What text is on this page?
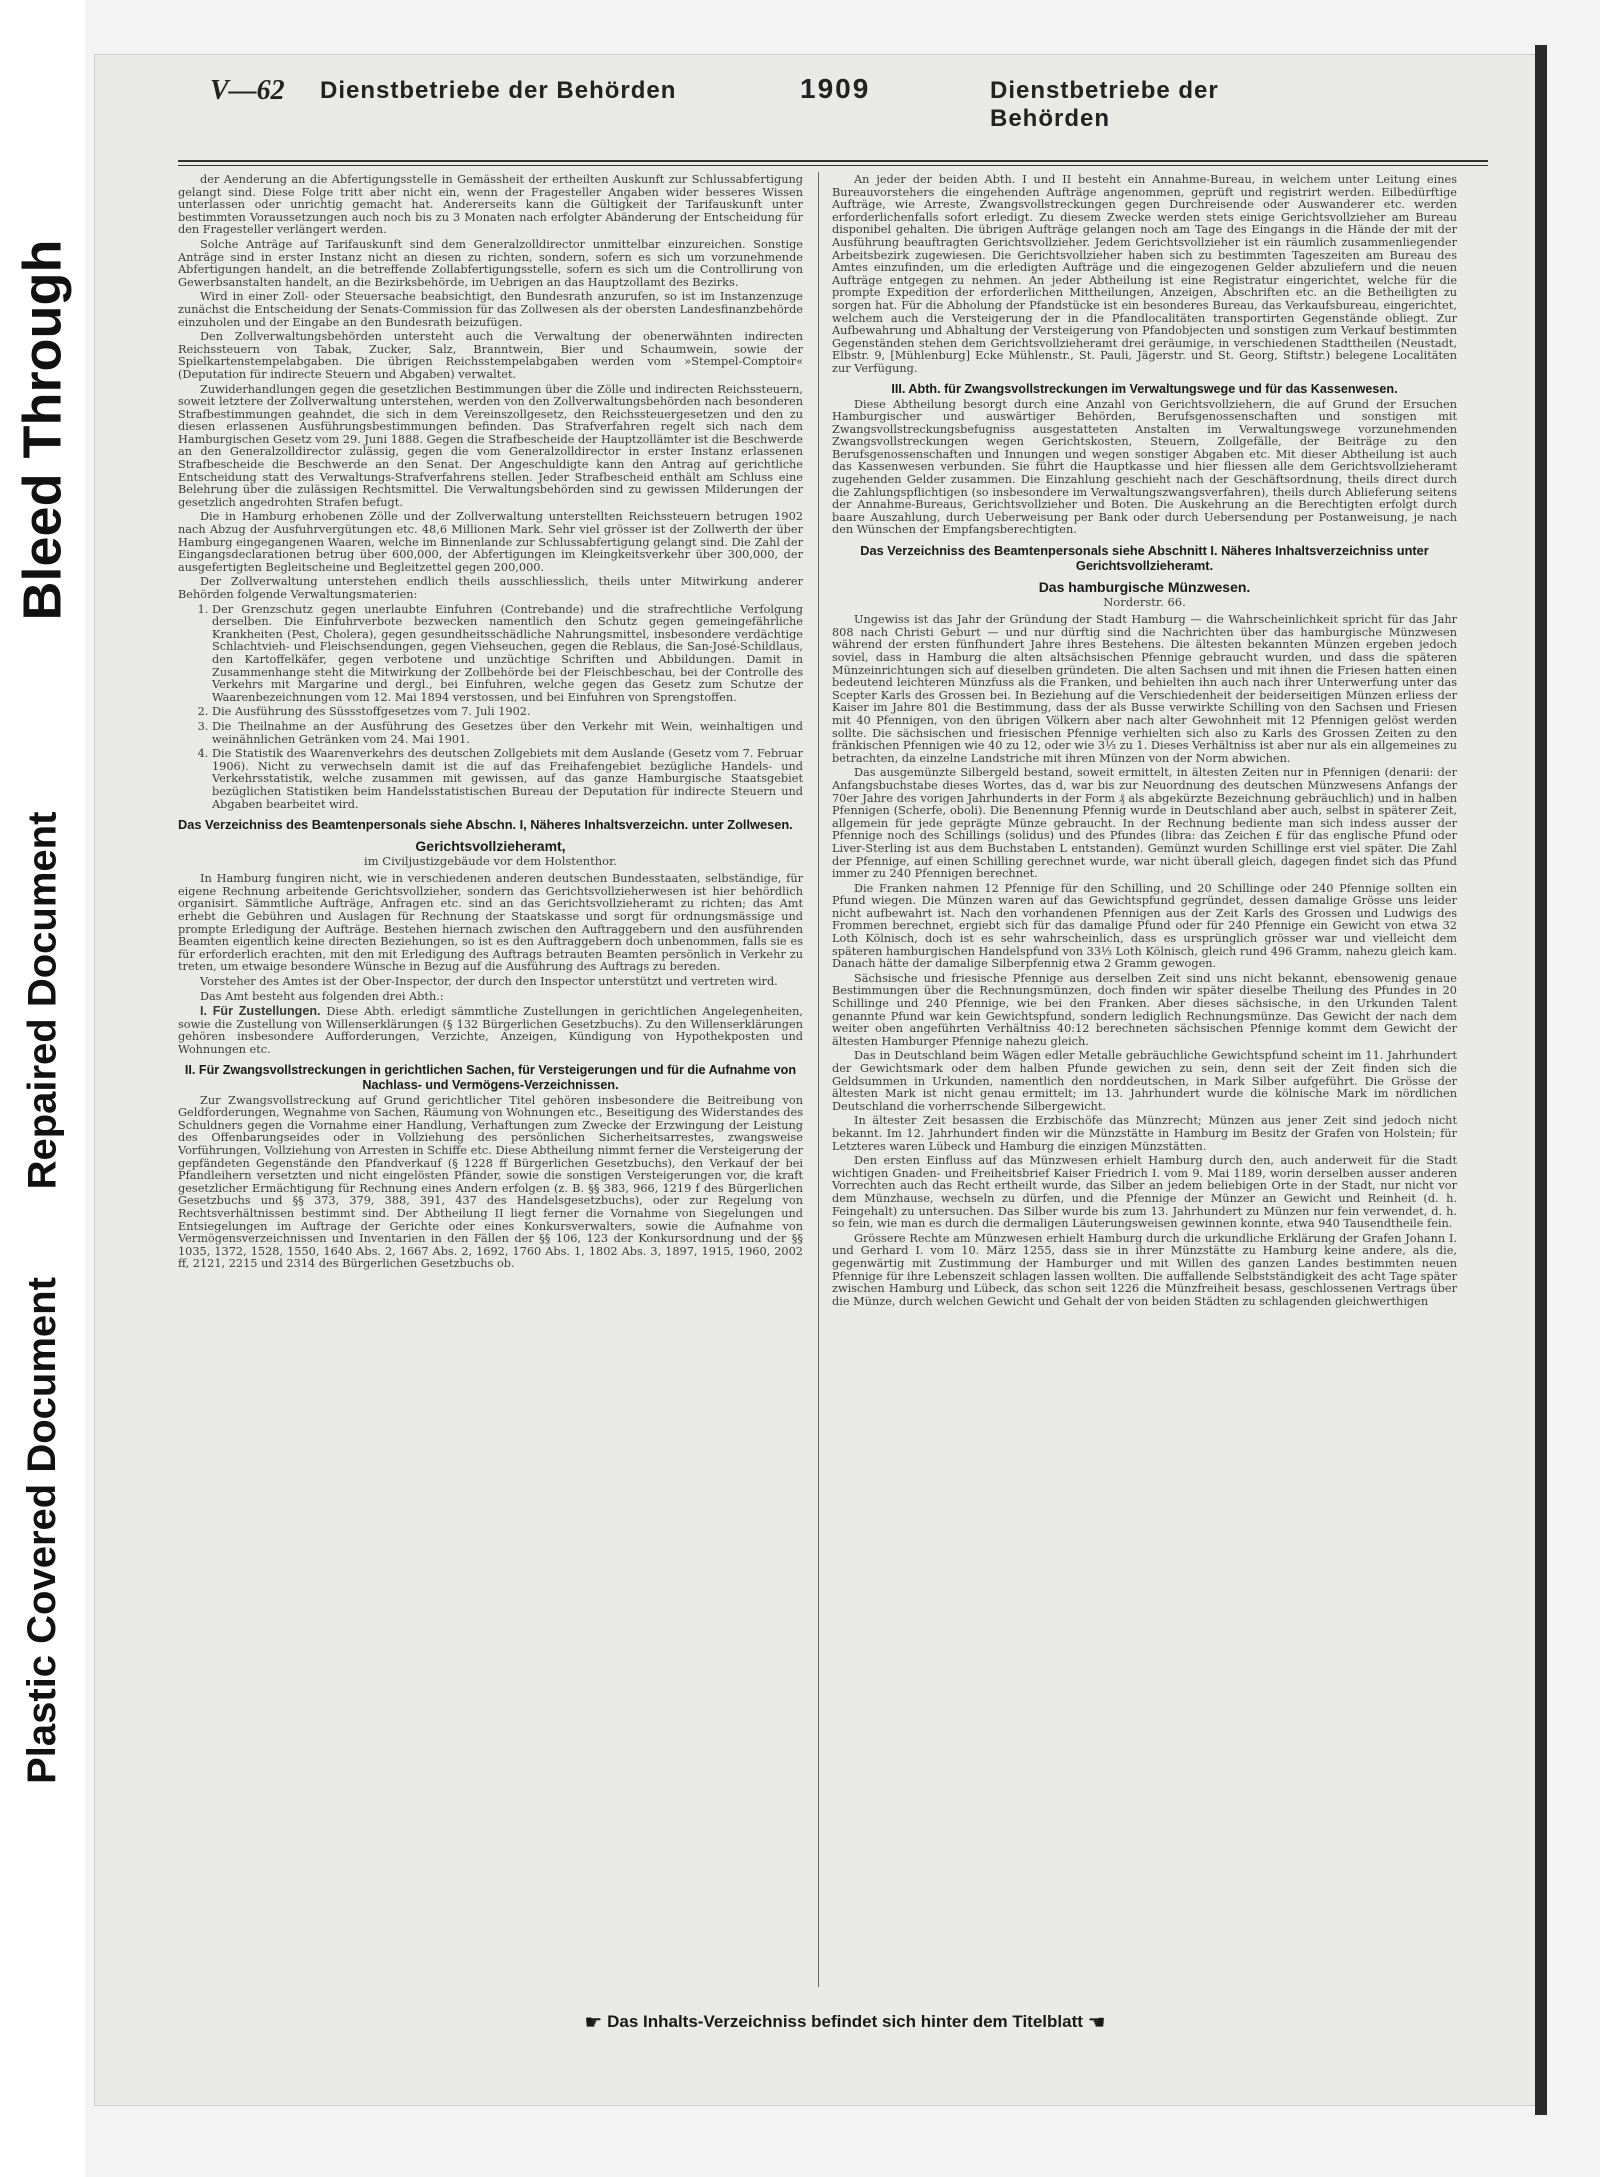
Bleed Through
Repaired Document
Plastic Covered Document
V—62 Dienstbetriebe der Behörden	1909	Dienstbetriebe der Behörden

der Aenderung an die Abfertigungsstelle in Gemässheit der ertheilten Auskunft zur Schlussabfertigung gelangt sind. Diese Folge tritt aber nicht ein, wenn der Fragesteller Angaben wider besseres Wissen unterlassen oder unrichtig gemacht hat. Andererseits kann die Gültigkeit der Tarifauskunft unter bestimmten Voraussetzungen auch noch bis zu 3 Monaten nach erfolgter Abänderung der Entscheidung für den Fragesteller verlängert werden.

Solche Anträge auf Tarifauskunft sind dem Generalzolldirector unmittelbar einzureichen. Sonstige Anträge sind in erster Instanz nicht an diesen zu richten, sondern, sofern es sich um vorzunehmende Abfertigungen handelt, an die betreffende Zollabfertigungsstelle, sofern es sich um die Controllirung von Gewerbsanstalten handelt, an die Bezirksbehörde, im Uebrigen an das Hauptzollamt des Bezirks.

Wird in einer Zoll- oder Steuersache beabsichtigt, den Bundesrath anzurufen, so ist im Instanzenzuge zunächst die Entscheidung der Senats-Commission für das Zollwesen als der obersten Landesfinanzbehörde einzuholen und der Eingabe an den Bundesrath beizufügen.

Den Zollverwaltungsbehörden untersteht auch die Verwaltung der obenerwähnten indirecten Reichssteuern von Tabak, Zucker, Salz, Branntwein, Bier und Schaumwein, sowie der Spielkartenstempelabgaben. Die übrigen Reichsstempelabgaben werden vom »Stempel-Comptoir« (Deputation für indirecte Steuern und Abgaben) verwaltet.

Zuwiderhandlungen gegen die gesetzlichen Bestimmungen über die Zölle und indirecten Reichssteuern, soweit letztere der Zollverwaltung unterstehen, werden von den Zollverwaltungsbehörden nach besonderen Strafbestimmungen geahndet, die sich in dem Vereinszollgesetz, den Reichssteuergesetzen und den zu diesen erlassenen Ausführungsbestimmungen befinden. Das Strafverfahren regelt sich nach dem Hamburgischen Gesetz vom 29. Juni 1888. Gegen die Strafbescheide der Hauptzollämter ist die Beschwerde an den Generalzolldirector zulässig, gegen die vom Generalzolldirector in erster Instanz erlassenen Strafbescheide die Beschwerde an den Senat. Der Angeschuldigte kann den Antrag auf gerichtliche Entscheidung statt des Verwaltungs-Strafverfahrens stellen. Jeder Strafbescheid enthält am Schluss eine Belehrung über die zulässigen Rechtsmittel. Die Verwaltungsbehörden sind zu gewissen Milderungen der gesetzlich angedrohten Strafen befugt.

Die in Hamburg erhobenen Zölle und der Zollverwaltung unterstellten Reichssteuern betrugen 1902 nach Abzug der Ausfuhrvergütungen etc. 48,6 Millionen Mark. Sehr viel grösser ist der Zollwerth der über Hamburg eingegangenen Waaren, welche im Binnenlande zur Schlussabfertigung gelangt sind. Die Zahl der Eingangsdeclarationen betrug über 600,000, der Abfertigungen im Kleingkeitsverkehr über 300,000, der ausgefertigten Begleitscheine und Begleitzettel gegen 200,000.

Der Zollverwaltung unterstehen endlich theils ausschliesslich, theils unter Mitwirkung anderer Behörden folgende Verwaltungsmaterien:

1. Der Grenzschutz gegen unerlaubte Einfuhren (Contrebande) und die strafrechtliche Verfolgung derselben. Die Einfuhrverbote bezwecken namentlich den Schutz gegen gemeingefährliche Krankheiten (Pest, Cholera), gegen gesundheitsschädliche Nahrungsmittel, insbesondere verdächtige Schlachtvieh- und Fleischsendungen, gegen Viehseuchen, gegen die Reblaus, die San-José-Schildlaus, den Kartoffelkäfer, gegen verbotene und unzüchtige Schriften und Abbildungen. Damit in Zusammenhange steht die Mitwirkung der Zollbehörde bei der Fleischbeschau, bei der Controlle des Verkehrs mit Margarine und dergl., bei Einfuhren, welche gegen das Gesetz zum Schutze der Waarenbezeichnungen vom 12. Mai 1894 verstossen, und bei Einfuhren von Sprengstoffen.
2. Die Ausführung des Süssstoffgesetzes vom 7. Juli 1902.
3. Die Theilnahme an der Ausführung des Gesetzes über den Verkehr mit Wein, weinhaltigen und weinähnlichen Getränken vom 24. Mai 1901.
4. Die Statistik des Waarenverkehrs des deutschen Zollgebiets mit dem Auslande (Gesetz vom 7. Februar 1906). Nicht zu verwechseln damit ist die auf das Freihafengebiet bezügliche Handels- und Verkehrsstatistik, welche zusammen mit gewissen, auf das ganze Hamburgische Staatsgebiet bezüglichen Statistiken beim Handelsstatistischen Bureau der Deputation für indirecte Steuern und Abgaben bearbeitet wird.

Das Verzeichniss des Beamtenpersonals siehe Abschn. I, Näheres Inhaltsverzeichn. unter Zollwesen.

Gerichtsvollzieheramt,

im Civiljustizgebäude vor dem Holstenthor.

In Hamburg fungiren nicht, wie in verschiedenen anderen deutschen Bundesstaaten, selbständige, für eigene Rechnung arbeitende Gerichtsvollzieher, sondern das Gerichtsvollzieherwesen ist hier behördlich organisirt. Sämmtliche Aufträge, Anfragen etc. sind an das Gerichtsvollzieheramt zu richten; das Amt erhebt die Gebühren und Auslagen für Rechnung der Staatskasse und sorgt für ordnungsmässige und prompte Erledigung der Aufträge. Bestehen hiernach zwischen den Auftraggebern und den ausführenden Beamten eigentlich keine directen Beziehungen, so ist es den Auftraggebern doch unbenommen, falls sie es für erforderlich erachten, mit den mit Erledigung des Auftrags betrauten Beamten persönlich in Verkehr zu treten, um etwaige besondere Wünsche in Bezug auf die Ausführung des Auftrags zu bereden.

Vorsteher des Amtes ist der Ober-Inspector, der durch den Inspector unterstützt und vertreten wird.

Das Amt besteht aus folgenden drei Abth.:

I. Für Zustellungen. Diese Abth. erledigt sämmtliche Zustellungen in gerichtlichen Angelegenheiten, sowie die Zustellung von Willenserklärungen (§ 132 Bürgerlichen Gesetzbuchs). Zu den Willenserklärungen gehören insbesondere Aufforderungen, Verzichte, Anzeigen, Kündigung von Hypothekposten und Wohnungen etc.

II. Für Zwangsvollstreckungen in gerichtlichen Sachen, für Versteigerungen und für die Aufnahme von Nachlass- und Vermögens-Verzeichnissen.

Zur Zwangsvollstreckung auf Grund gerichtlicher Titel gehören insbesondere die Beitreibung von Geldforderungen, Wegnahme von Sachen, Räumung von Wohnungen etc., Beseitigung des Widerstandes des Schuldners gegen die Vornahme einer Handlung, Verhaftungen zum Zwecke der Erzwingung der Leistung des Offenbarungseides oder in Vollziehung des persönlichen Sicherheitsarrestes, zwangsweise Vorführungen, Vollziehung von Arresten in Schiffe etc. Diese Abtheilung nimmt ferner die Versteigerung der gepfändeten Gegenstände den Pfandverkauf (§ 1228 ff Bürgerlichen Gesetzbuchs), den Verkauf der bei Pfandleihern versetzten und nicht eingelösten Pfänder, sowie die sonstigen Versteigerungen vor, die kraft gesetzlicher Ermächtigung für Rechnung eines Andern erfolgen (z. B. §§ 383, 966, 1219 f des Bürgerlichen Gesetzbuchs und §§ 373, 379, 388, 391, 437 des Handelsgesetzbuchs), oder zur Regelung von Rechtsverhältnissen bestimmt sind. Der Abtheilung II liegt ferner die Vornahme von Siegelungen und Entsiegelungen im Auftrage der Gerichte oder eines Konkursverwalters, sowie die Aufnahme von Vermögensverzeichnissen und Inventarien in den Fällen der §§ 106, 123 der Konkursordnung und der §§ 1035, 1372, 1528, 1550, 1640 Abs. 2, 1667 Abs. 2, 1692, 1760 Abs. 1, 1802 Abs. 3, 1897, 1915, 1960, 2002 ff, 2121, 2215 und 2314 des Bürgerlichen Gesetzbuchs ob.

An jeder der beiden Abth. I und II besteht ein Annahme-Bureau, in welchem unter Leitung eines Bureauvorstehers die eingehenden Aufträge angenommen, geprüft und registrirt werden. Eilbedürftige Aufträge, wie Arreste, Zwangsvollstreckungen gegen Durchreisende oder Auswanderer etc. werden erforderlichenfalls sofort erledigt. Zu diesem Zwecke werden stets einige Gerichtsvollzieher am Bureau disponibel gehalten. Die übrigen Aufträge gelangen noch am Tage des Eingangs in die Hände der mit der Ausführung beauftragten Gerichtsvollzieher. Jedem Gerichtsvollzieher ist ein räumlich zusammenliegender Arbeitsbezirk zugewiesen. Die Gerichtsvollzieher haben sich zu bestimmten Tageszeiten am Bureau des Amtes einzufinden, um die erledigten Aufträge und die eingezogenen Gelder abzuliefern und die neuen Aufträge entgegen zu nehmen. An jeder Abtheilung ist eine Registratur eingerichtet, welche für die prompte Expedition der erforderlichen Mittheilungen, Anzeigen, Abschriften etc. an die Betheiligten zu sorgen hat. Für die Abholung der Pfandstücke ist ein besonderes Bureau, das Verkaufsbureau, eingerichtet, welchem auch die Versteigerung der in die Pfandlocalitäten transportirten Gegenstände obliegt. Zur Aufbewahrung und Abhaltung der Versteigerung von Pfandobjecten und sonstigen zum Verkauf bestimmten Gegenständen stehen dem Gerichtsvollzieheramt drei geräumige, in verschiedenen Stadttheilen (Neustadt, Elbstr. 9, [Mühlenburg] Ecke Mühlenstr., St. Pauli, Jägerstr. und St. Georg, Stiftstr.) belegene Localitäten zur Verfügung.

III. Abth. für Zwangsvollstreckungen im Verwaltungswege und für das Kassenwesen.

Diese Abtheilung besorgt durch eine Anzahl von Gerichtsvollziehern, die auf Grund der Ersuchen Hamburgischer und auswärtiger Behörden, Berufsgenossenschaften und sonstigen mit Zwangsvollstreckungsbefugniss ausgestatteten Anstalten im Verwaltungswege vorzunehmenden Zwangsvollstreckungen wegen Gerichtskosten, Steuern, Zollgefälle, der Beiträge zu den Berufsgenossenschaften und Innungen und wegen sonstiger Abgaben etc. Mit dieser Abtheilung ist auch das Kassenwesen verbunden. Sie führt die Hauptkasse und hier fliessen alle dem Gerichtsvollzieheramt zugehenden Gelder zusammen. Die Einzahlung geschieht nach der Geschäftsordnung, theils direct durch die Zahlungspflichtigen (so insbesondere im Verwaltungszwangsverfahren), theils durch Ablieferung seitens der Annahme-Bureaus, Gerichtsvollzieher und Boten. Die Auskehrung an die Berechtigten erfolgt durch baare Auszahlung, durch Ueberweisung per Bank oder durch Uebersendung per Postanweisung, je nach den Wünschen der Empfangsberechtigten.

Das Verzeichniss des Beamtenpersonals siehe Abschnitt I. Näheres Inhaltsverzeichniss unter Gerichtsvollzieheramt.

Das hamburgische Münzwesen.

Norderstr. 66.

Ungewiss ist das Jahr der Gründung der Stadt Hamburg — die Wahrscheinlichkeit spricht für das Jahr 808 nach Christi Geburt — und nur dürftig sind die Nachrichten über das hamburgische Münzwesen während der ersten fünfhundert Jahre ihres Bestehens. Die ältesten bekannten Münzen ergeben jedoch soviel, dass in Hamburg die alten altsächsischen Pfennige gebraucht wurden, und dass die späteren Münzeinrichtungen sich auf dieselben gründeten. Die alten Sachsen und mit ihnen die Friesen hatten einen bedeutend leichteren Münzfuss als die Franken, und behielten ihn auch nach ihrer Unterwerfung unter das Scepter Karls des Grossen bei. In Beziehung auf die Verschiedenheit der beiderseitigen Münzen erliess der Kaiser im Jahre 801 die Bestimmung, dass der als Busse verwirkte Schilling von den Sachsen und Friesen mit 40 Pfennigen, von den übrigen Völkern aber nach alter Gewohnheit mit 12 Pfennigen gelöst werden sollte. Die sächsischen und friesischen Pfennige verhielten sich also zu Karls des Grossen Zeiten zu den fränkischen Pfennigen wie 40 zu 12, oder wie 3⅓ zu 1. Dieses Verhältniss ist aber nur als ein allgemeines zu betrachten, da einzelne Landstriche mit ihren Münzen von der Norm abwichen.

Das ausgemünzte Silbergeld bestand, soweit ermittelt, in ältesten Zeiten nur in Pfennigen (denarii: der Anfangsbuchstabe dieses Wortes, das d, war bis zur Neuordnung des deutschen Münzwesens Anfangs der 70er Jahre des vorigen Jahrhunderts in der Form ₰ als abgekürzte Bezeichnung gebräuchlich) und in halben Pfennigen (Scherfe, oboli). Die Benennung Pfennig wurde in Deutschland aber auch, selbst in späterer Zeit, allgemein für jede geprägte Münze gebraucht. In der Rechnung bediente man sich indess ausser der Pfennige noch des Schillings (solidus) und des Pfundes (libra: das Zeichen £ für das englische Pfund oder Liver-Sterling ist aus dem Buchstaben L entstanden). Gemünzt wurden Schillinge erst viel später. Die Zahl der Pfennige, auf einen Schilling gerechnet wurde, war nicht überall gleich, dagegen findet sich das Pfund immer zu 240 Pfennigen berechnet.

Die Franken nahmen 12 Pfennige für den Schilling, und 20 Schillinge oder 240 Pfennige sollten ein Pfund wiegen. Die Münzen waren auf das Gewichtspfund gegründet, dessen damalige Grösse uns leider nicht aufbewahrt ist. Nach den vorhandenen Pfennigen aus der Zeit Karls des Grossen und Ludwigs des Frommen berechnet, ergiebt sich für das damalige Pfund oder für 240 Pfennige ein Gewicht von etwa 32 Loth Kölnisch, doch ist es sehr wahrscheinlich, dass es ursprünglich grösser war und vielleicht dem späteren hamburgischen Handelspfund von 33⅓ Loth Kölnisch, gleich rund 496 Gramm, nahezu gleich kam. Danach hätte der damalige Silberpfennig etwa 2 Gramm gewogen.

Sächsische und friesische Pfennige aus derselben Zeit sind uns nicht bekannt, ebensowenig genaue Bestimmungen über die Rechnungsmünzen, doch finden wir später dieselbe Theilung des Pfundes in 20 Schillinge und 240 Pfennige, wie bei den Franken. Aber dieses sächsische, in den Urkunden Talent genannte Pfund war kein Gewichtspfund, sondern lediglich Rechnungsmünze. Das Gewicht der nach dem weiter oben angeführten Verhältniss 40:12 berechneten sächsischen Pfennige kommt dem Gewicht der ältesten Hamburger Pfennige nahezu gleich.

Das in Deutschland beim Wägen edler Metalle gebräuchliche Gewichtspfund scheint im 11. Jahrhundert der Gewichtsmark oder dem halben Pfunde gewichen zu sein, denn seit der Zeit finden sich die Geldsummen in Urkunden, namentlich den norddeutschen, in Mark Silber aufgeführt. Die Grösse der ältesten Mark ist nicht genau ermittelt; im 13. Jahrhundert wurde die kölnische Mark im nördlichen Deutschland die vorherrschende Silbergewicht.

In ältester Zeit besassen die Erzbischöfe das Münzrecht; Münzen aus jener Zeit sind jedoch nicht bekannt. Im 12. Jahrhundert finden wir die Münzstätte in Hamburg im Besitz der Grafen von Holstein; für Letzteres waren Lübeck und Hamburg die einzigen Münzstätten.

Den ersten Einfluss auf das Münzwesen erhielt Hamburg durch den, auch anderweit für die Stadt wichtigen Gnaden- und Freiheitsbrief Kaiser Friedrich I. vom 9. Mai 1189, worin derselben ausser anderen Vorrechten auch das Recht ertheilt wurde, das Silber an jedem beliebigen Orte in der Stadt, nur nicht vor dem Münzhause, wechseln zu dürfen, und die Pfennige der Münzer an Gewicht und Reinheit (d. h. Feingehalt) zu untersuchen. Das Silber wurde bis zum 13. Jahrhundert zu Münzen nur fein verwendet, d. h. so fein, wie man es durch die dermaligen Läuterungsweisen gewinnen konnte, etwa 940 Tausendtheile fein.

Grössere Rechte am Münzwesen erhielt Hamburg durch die urkundliche Erklärung der Grafen Johann I. und Gerhard I. vom 10. März 1255, dass sie in ihrer Münzstätte zu Hamburg keine andere, als die, gegenwärtig mit Zustimmung der Hamburger und mit Willen des ganzen Landes bestimmten neuen Pfennige für ihre Lebenszeit schlagen lassen wollten. Die auffallende Selbstständigkeit des acht Tage später zwischen Hamburg und Lübeck, das schon seit 1226 die Münzfreiheit besass, geschlossenen Vertrags über die Münze, durch welchen Gewicht und Gehalt der von beiden Städten zu schlagenden gleichwerthigen

☛ Das Inhalts-Verzeichniss befindet sich hinter dem Titelblatt ☚
